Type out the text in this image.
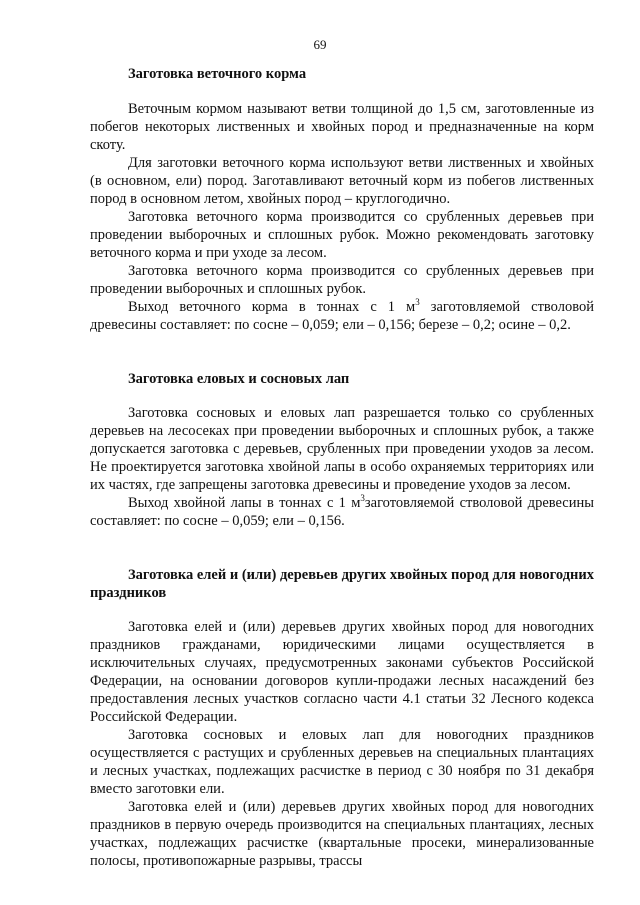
69

Заготовка веточного корма

Веточным кормом называют ветви толщиной до 1,5 см, заготовленные из побегов некоторых лиственных и хвойных пород и предназначенные на корм скоту.

Для заготовки веточного корма используют ветви лиственных и хвойных (в основном, ели) пород. Заготавливают веточный корм из побегов лиственных пород в основном летом, хвойных пород – круглогодично.

Заготовка веточного корма производится со срубленных деревьев при проведении выборочных и сплошных рубок. Можно рекомендовать заготовку веточного корма и при уходе за лесом.

Заготовка веточного корма производится со срубленных деревьев при проведении выборочных и сплошных рубок.

Выход веточного корма в тоннах с 1 $м^3$ заготовляемой стволовой древесины составляет: по сосне – 0,059; ели – 0,156; березе – 0,2; осине – 0,2.

Заготовка еловых и сосновых лап

Заготовка сосновых и еловых лап разрешается только со срубленных деревьев на лесосеках при проведении выборочных и сплошных рубок, а также допускается заготовка с деревьев, срубленных при проведении уходов за лесом. Не проектируется заготовка хвойной лапы в особо охраняемых территориях или их частях, где запрещены заготовка древесины и проведение уходов за лесом.

Выход хвойной лапы в тоннах с 1 $м^3заготовляемой$ стволовой древесины составляет: по сосне – 0,059; ели – 0,156.

Заготовка елей и (или) деревьев других хвойных пород для новогодних праздников

Заготовка елей и (или) деревьев других хвойных пород для новогодних праздников гражданами, юридическими лицами осуществляется в исключительных случаях, предусмотренных законами субъектов Российской Федерации, на основании договоров купли-продажи лесных насаждений без предоставления лесных участков согласно части 4.1 статьи 32 Лесного кодекса Российской Федерации.

Заготовка сосновых и еловых лап для новогодних праздников осуществляется с растущих и срубленных деревьев на специальных плантациях и лесных участках, подлежащих расчистке в период с 30 ноября по 31 декабря вместо заготовки ели.

Заготовка елей и (или) деревьев других хвойных пород для новогодних праздников в первую очередь производится на специальных плантациях, лесных участках, подлежащих расчистке (квартальные просеки, минерализованные полосы, противопожарные разрывы, трассы
